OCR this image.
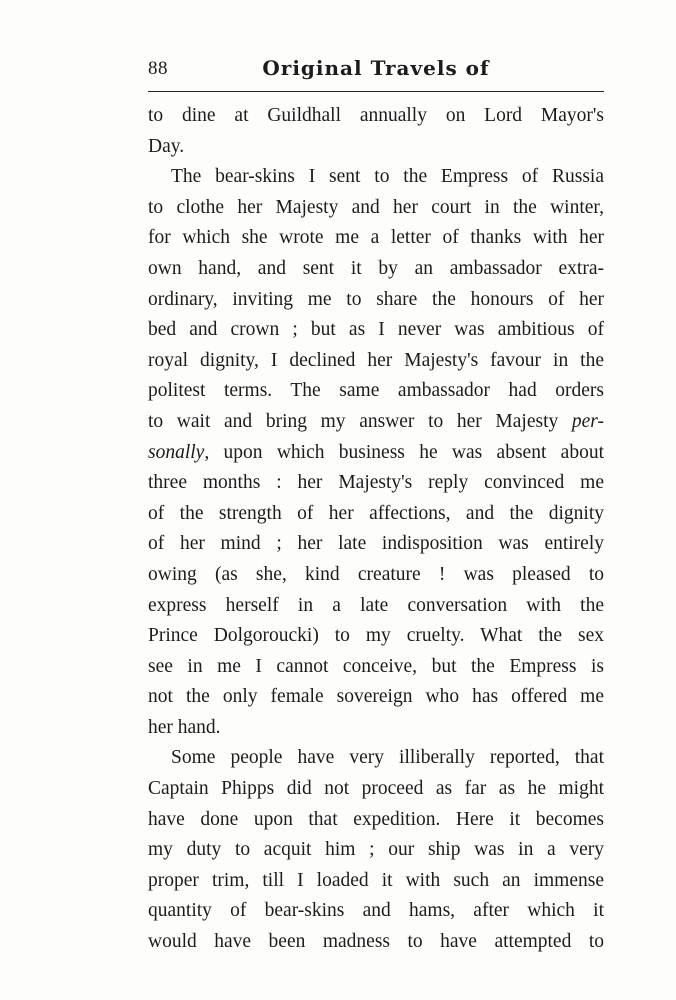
88	Original Travels of
to dine at Guildhall annually on Lord Mayor's
Day.
The bear-skins I sent to the Empress of Russia
to clothe her Majesty and her court in the winter,
for which she wrote me a letter of thanks with her
own hand, and sent it by an ambassador extra-
ordinary, inviting me to share the honours of her
bed and crown ; but as I never was ambitious of
royal dignity, I declined her Majesty's favour in the
politest terms. The same ambassador had orders
to wait and bring my answer to her Majesty per-
sonally, upon which business he was absent about
three months : her Majesty's reply convinced me
of the strength of her affections, and the dignity
of her mind ; her late indisposition was entirely
owing (as she, kind creature ! was pleased to
express herself in a late conversation with the
Prince Dolgoroucki) to my cruelty. What the sex
see in me I cannot conceive, but the Empress is
not the only female sovereign who has offered me
her hand.
Some people have very illiberally reported, that
Captain Phipps did not proceed as far as he might
have done upon that expedition. Here it becomes
my duty to acquit him ; our ship was in a very
proper trim, till I loaded it with such an immense
quantity of bear-skins and hams, after which it
would have been madness to have attempted to
